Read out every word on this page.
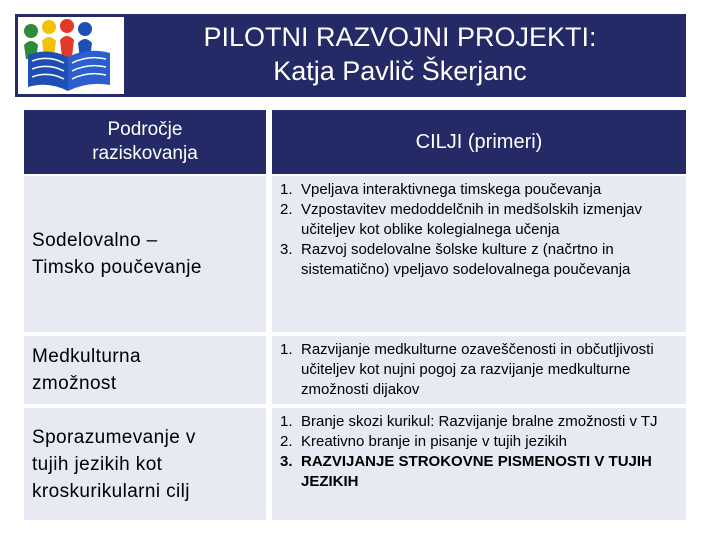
PILOTNI RAZVOJNI PROJEKTI:
Katja Pavlič Škerjanc
Področje
raziskovanja
CILJI (primeri)
Sodelovalno –
Timsko poučevanje
1. Vpeljava interaktivnega timskega poučevanja
2. Vzpostavitev medoddelčnih in medšolskih izmenjav učiteljev kot oblike kolegialnega učenja
3. Razvoj sodelovalne šolske kulture z (načrtno in sistematično) vpeljavo sodelovalnega poučevanja
Medkulturna
zmožnost
1. Razvijanje medkulturne ozaveščenosti in občutljivosti učiteljev kot nujni pogoj za razvijanje medkulturne zmožnosti dijakov
Sporazumevanje v
tujih jezikih kot
kroskurikularni cilj
1. Branje skozi kurikul: Razvijanje bralne zmožnosti v TJ
2. Kreativno branje in pisanje v tujih jezikih
3. RAZVIJANJE STROKOVNE PISMENOSTI V TUJIH JEZIKIH
